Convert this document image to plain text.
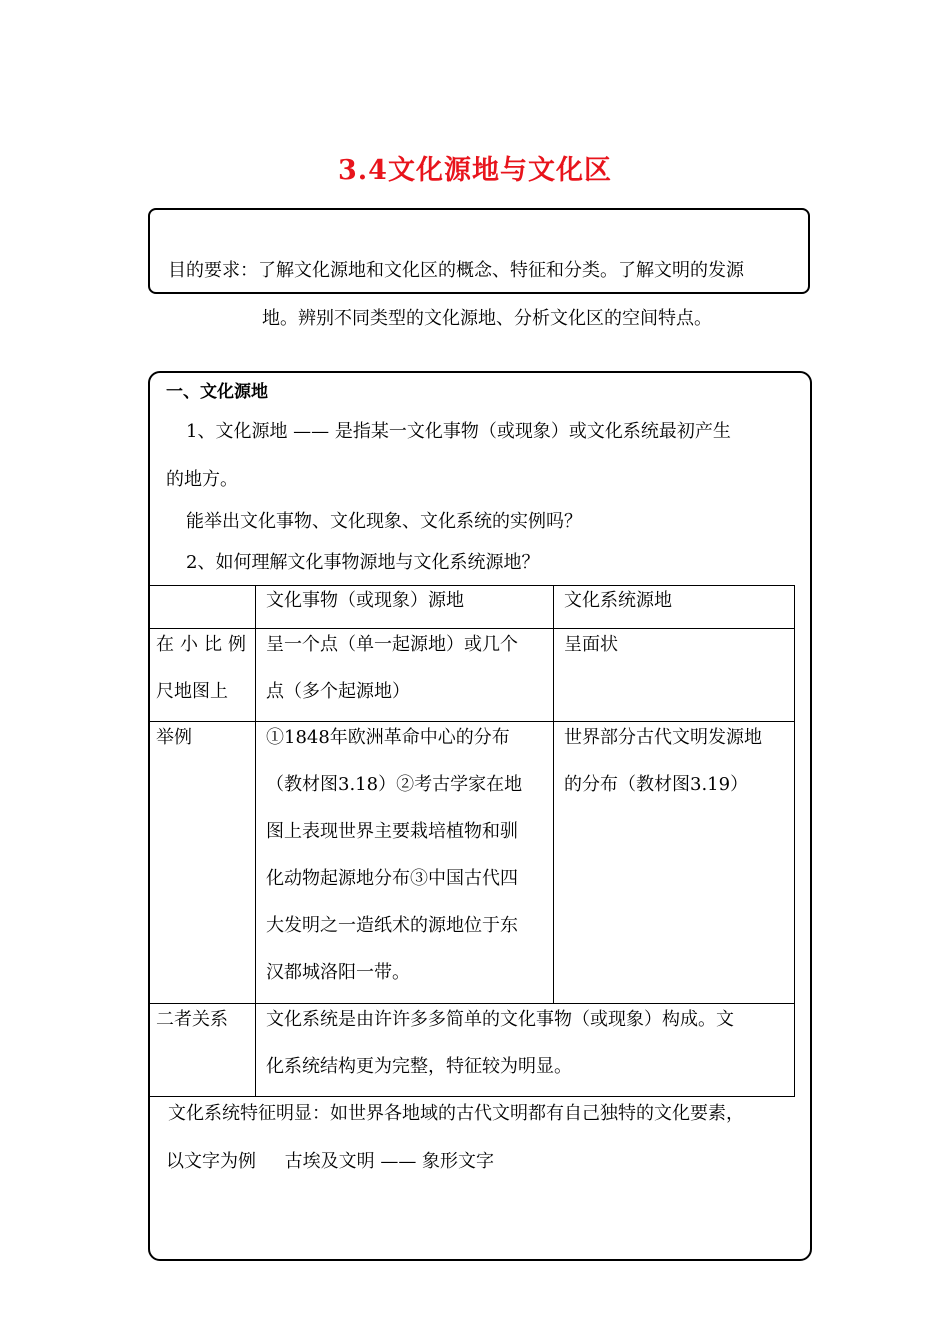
3.4文化源地与文化区
目的要求：了解文化源地和文化区的概念、特征和分类。了解文明的发源
地。辨别不同类型的文化源地、分析文化区的空间特点。
一、文化源地
1、文化源地 —— 是指某一文化事物（或现象）或文化系统最初产生
的地方。
能举出文化事物、文化现象、文化系统的实例吗？
2、如何理解文化事物源地与文化系统源地？
文化事物（或现象）源地	文化系统源地
在小比例
尺地图上
呈一个点（单一起源地）或几个
点（多个起源地）
呈面状
举例	①1848年欧洲革命中心的分布
（教材图3.18）②考古学家在地
图上表现世界主要栽培植物和驯
化动物起源地分布③中国古代四
大发明之一造纸术的源地位于东
汉都城洛阳一带。
世界部分古代文明发源地
的分布（教材图3.19）
二者关系 文化系统是由许许多多简单的文化事物（或现象）构成。文
化系统结构更为完整，特征较为明显。
文化系统特征明显：如世界各地域的古代文明都有自己独特的文化要素，
以文字为例     古埃及文明 —— 象形文字
